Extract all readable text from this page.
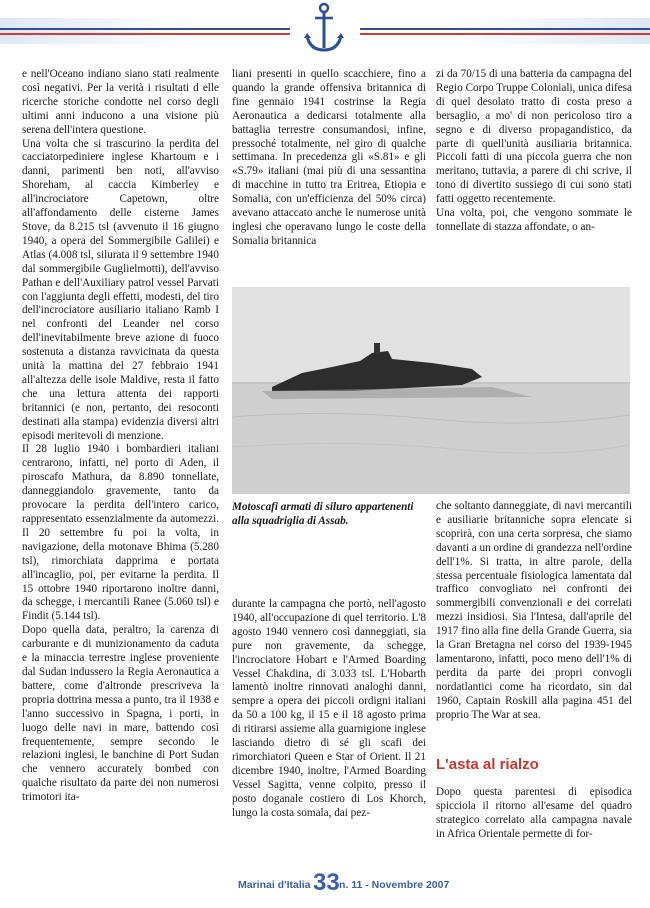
e nell'Oceano indiano siano stati realmente così negativi. Per la verità i risultati d elle ricerche storiche condotte nel corso degli ultimi anni inducono a una visione più serena dell'intera questione.

Una volta che si trascurino la perdita del cacciatorpediniere inglese Khartoum e i danni, parimenti ben noti, all'avviso Shoreham, al caccia Kimberley e all'incrociatore Capetown, oltre all'affondamento delle cisterne James Stove, da 8.215 tsl (avvenuto il 16 giugno 1940, a opera del Sommergibile Galilei) e Atlas (4.008 tsl, silurata il 9 settembre 1940 dal sommergibile Guglielmotti), dell'avviso Pathan e dell'Auxiliary patrol vessel Parvati con l'aggiunta degli effetti, modesti, del tiro dell'incrociatore ausiliario italiano Ramb I nel confronti del Leander nel corso dell'inevitabilmente breve azione di fuoco sostenuta a distanza ravvicinata da questa unità la mattina del 27 febbraio 1941 all'altezza delle isole Maldive, resta il fatto che una lettura attenta dei rapporti britannici (e non, pertanto, dei resoconti destinati alla stampa) evidenzia diversi altri episodi meritevoli di menzione.

Il 28 luglio 1940 i bombardieri italiani centrarono, infatti, nel porto di Aden, il piroscafo Mathura, da 8.890 tonnellate, danneggiandolo gravemente, tanto da provocare la perdita dell'intero carico, rappresentato essenzialmente da automezzi. Il 20 settembre fu poi la volta, in navigazione, della motonave Bhima (5.280 tsl), rimorchiata dapprima e portata all'incaglio, poi, per evitarne la perdita. Il 15 ottobre 1940 riportarono inoltre danni, da schegge, i mercantili Ranee (5.060 tsl) e Findit (5.144 tsl).

Dopo quella data, peraltro, la carenza di carburante e di munizionamento da caduta e la minaccia terrestre inglese proveniente dal Sudan indussero la Regia Aeronautica a battere, come d'altronde prescriveva la propria dottrina messa a punto, tra il 1938 e l'anno successivo in Spagna, i porti, in luogo delle navi in mare, battendo così frequentemente, sempre secondo le relazioni inglesi, le banchine di Port Sudan che vennero accurately bombed con qualche risultato da parte dei non numerosi trimotori ita-

liani presenti in quello scacchiere, fino a quando la grande offensiva britannica di fine gennaio 1941 costrinse la Regia Aeronautica a dedicarsi totalmente alla battaglia terrestre consumandosi, infine, pressoché totalmente, nel giro di qualche settimana. In precedenza gli «S.81» e gli «S.79» italiani (mai più di una sessantina di macchine in tutto tra Eritrea, Etiopia e Somalia, con un'efficienza del 50% circa) avevano attaccato anche le numerose unità inglesi che operavano lungo le coste della Somalia britannica

zi da 70/15 di una batteria da campagna del Regio Corpo Truppe Coloniali, unica difesa di quel desolato tratto di costa preso a bersaglio, a mo' di non pericoloso tiro a segno e di diverso propagandistico, da parte di quell'unità ausiliaria britannica. Piccoli fatti di una piccola guerra che non meritano, tuttavia, a parere di chi scrive, il tono di divertito sussiego di cui sono stati fatti oggetto recentemente.

Una volta, poi, che vengono sommate le tonnellate di stazza affondate, o an-

Motoscafi armati di siluro appartenenti alla squadriglia di Assab.

durante la campagna che portò, nell'agosto 1940, all'occupazione di quel territorio. L'8 agosto 1940 vennero così danneggiati, sia pure non gravemente, da schegge, l'incrociatore Hobart e l'Armed Boarding Vessel Chakdina, di 3.033 tsl. L'Hobarth lamentò inoltre rinnovati analoghi danni, sempre a opera dei piccoli ordigni italiani da 50 a 100 kg, il 15 e il 18 agosto prima di ritirarsi assieme alla guarnigione inglese lasciando dietro di sé gli scafi dei rimorchiatori Queen e Star of Orient. Il 21 dicembre 1940, inoltre, l'Armed Boarding Vessel Sagitta, venne colpito, presso il posto doganale costiero di Los Khorch, lungo la costa somala, dai pez-

che soltanto danneggiate, di navi mercantili e ausiliarie britanniche sopra elencate si scoprirà, con una certa sorpresa, che siamo davanti a un ordine di grandezza nell'ordine dell'1%. Si tratta, in altre parole, della stessa percentuale fisiologica lamentata dal traffico convogliato nei confronti dei sommergibili convenzionali e dei correlati mezzi insidiosi. Sia l'Intesa, dall'aprile del 1917 fino alla fine della Grande Guerra, sia la Gran Bretagna nel corso del 1939-1945 lamentarono, infatti, poco meno dell'1% di perdita da parte dei propri convogli nordatlantici come ha ricordato, sin dal 1960, Captain Roskill alla pagina 451 del proprio The War at sea.

L'asta al rialzo

Dopo questa parentesi di episodica spicciola il ritorno all'esame del quadro strategico correlato alla campagna navale in Africa Orientale permette di for-

Marinai d'Italia 33 n. 11 - Novembre 2007
